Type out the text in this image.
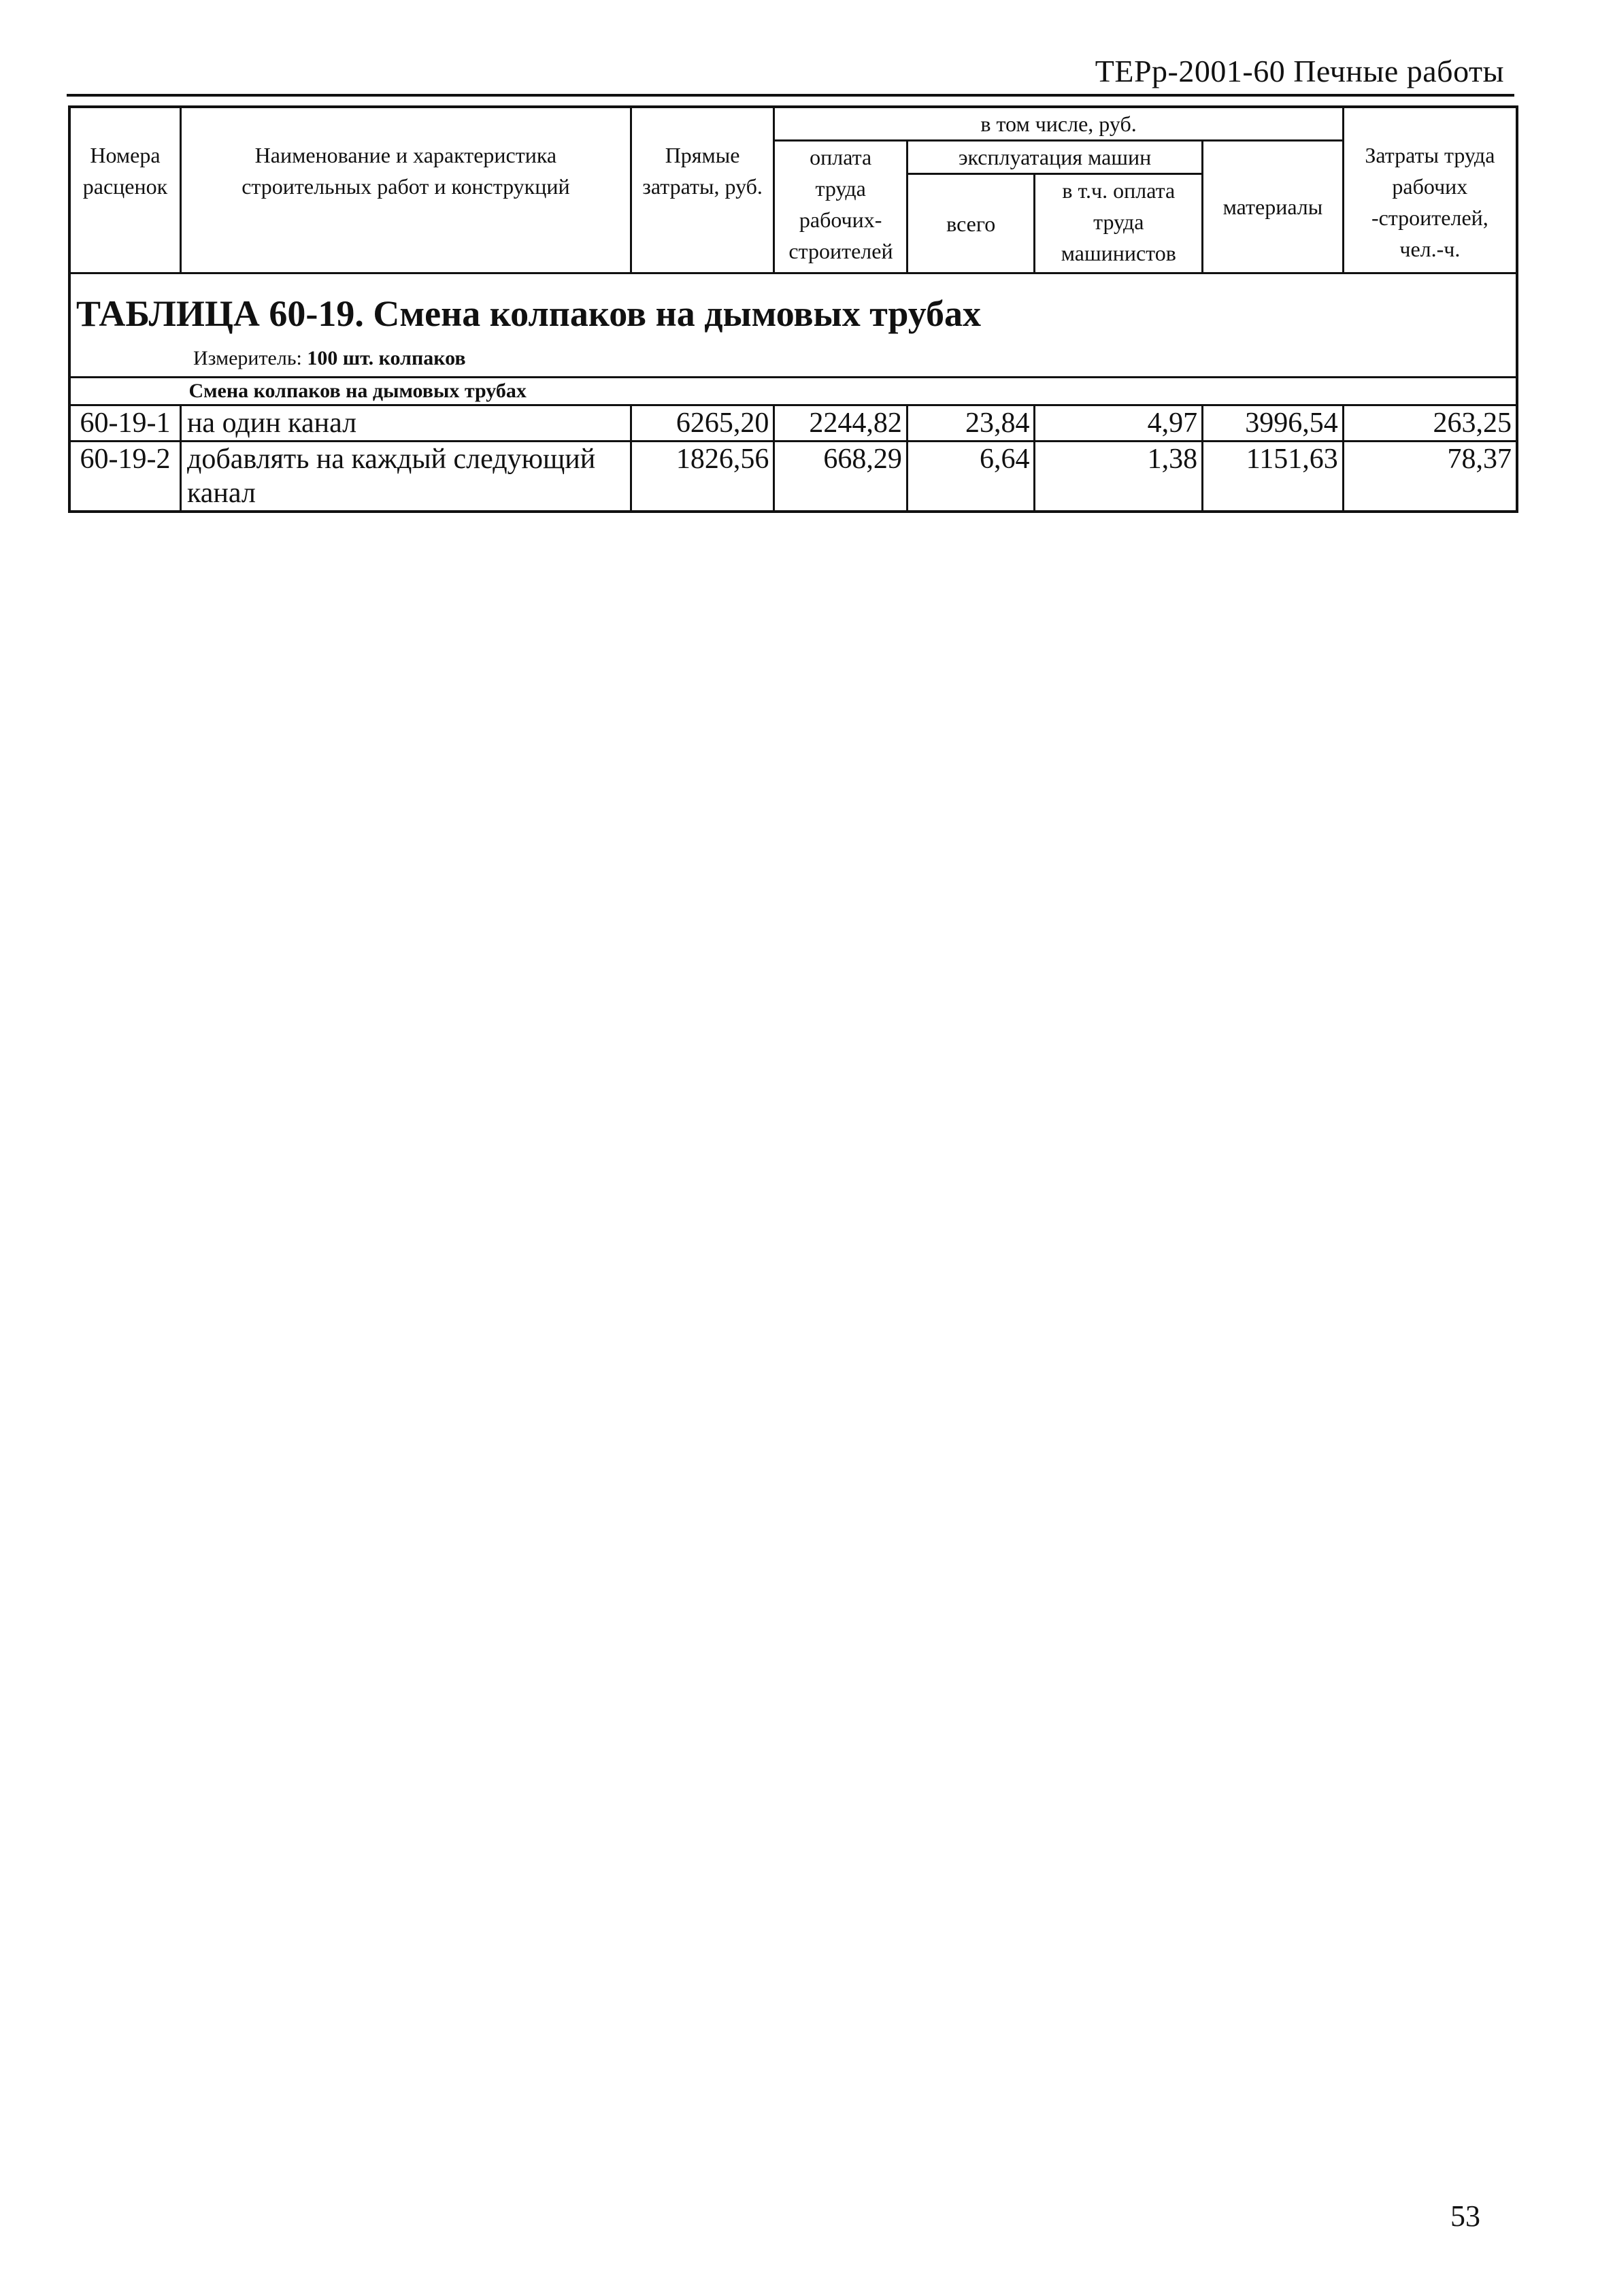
ТЕРр-2001-60 Печные работы
Номера расценок	Наименование и характеристика строительных работ и конструкций	Прямые затраты, руб.	в том числе, руб.				Затраты труда рабочих -строителей, чел.-ч.
			оплата труда рабочих-строителей	эксплуатация машин		материалы	
				всего	в т.ч. оплата труда машинистов		

ТАБЛИЦА 60-19. Смена колпаков на дымовых трубах
Измеритель: 100 шт. колпаков							

	Смена колпаков на дымовых трубах						
60-19-1	на один канал	6265,20	2244,82	23,84	4,97	3996,54	263,25
60-19-2	добавлять на каждый следующий канал	1826,56	668,29	6,64	1,38	1151,63	78,37
53
